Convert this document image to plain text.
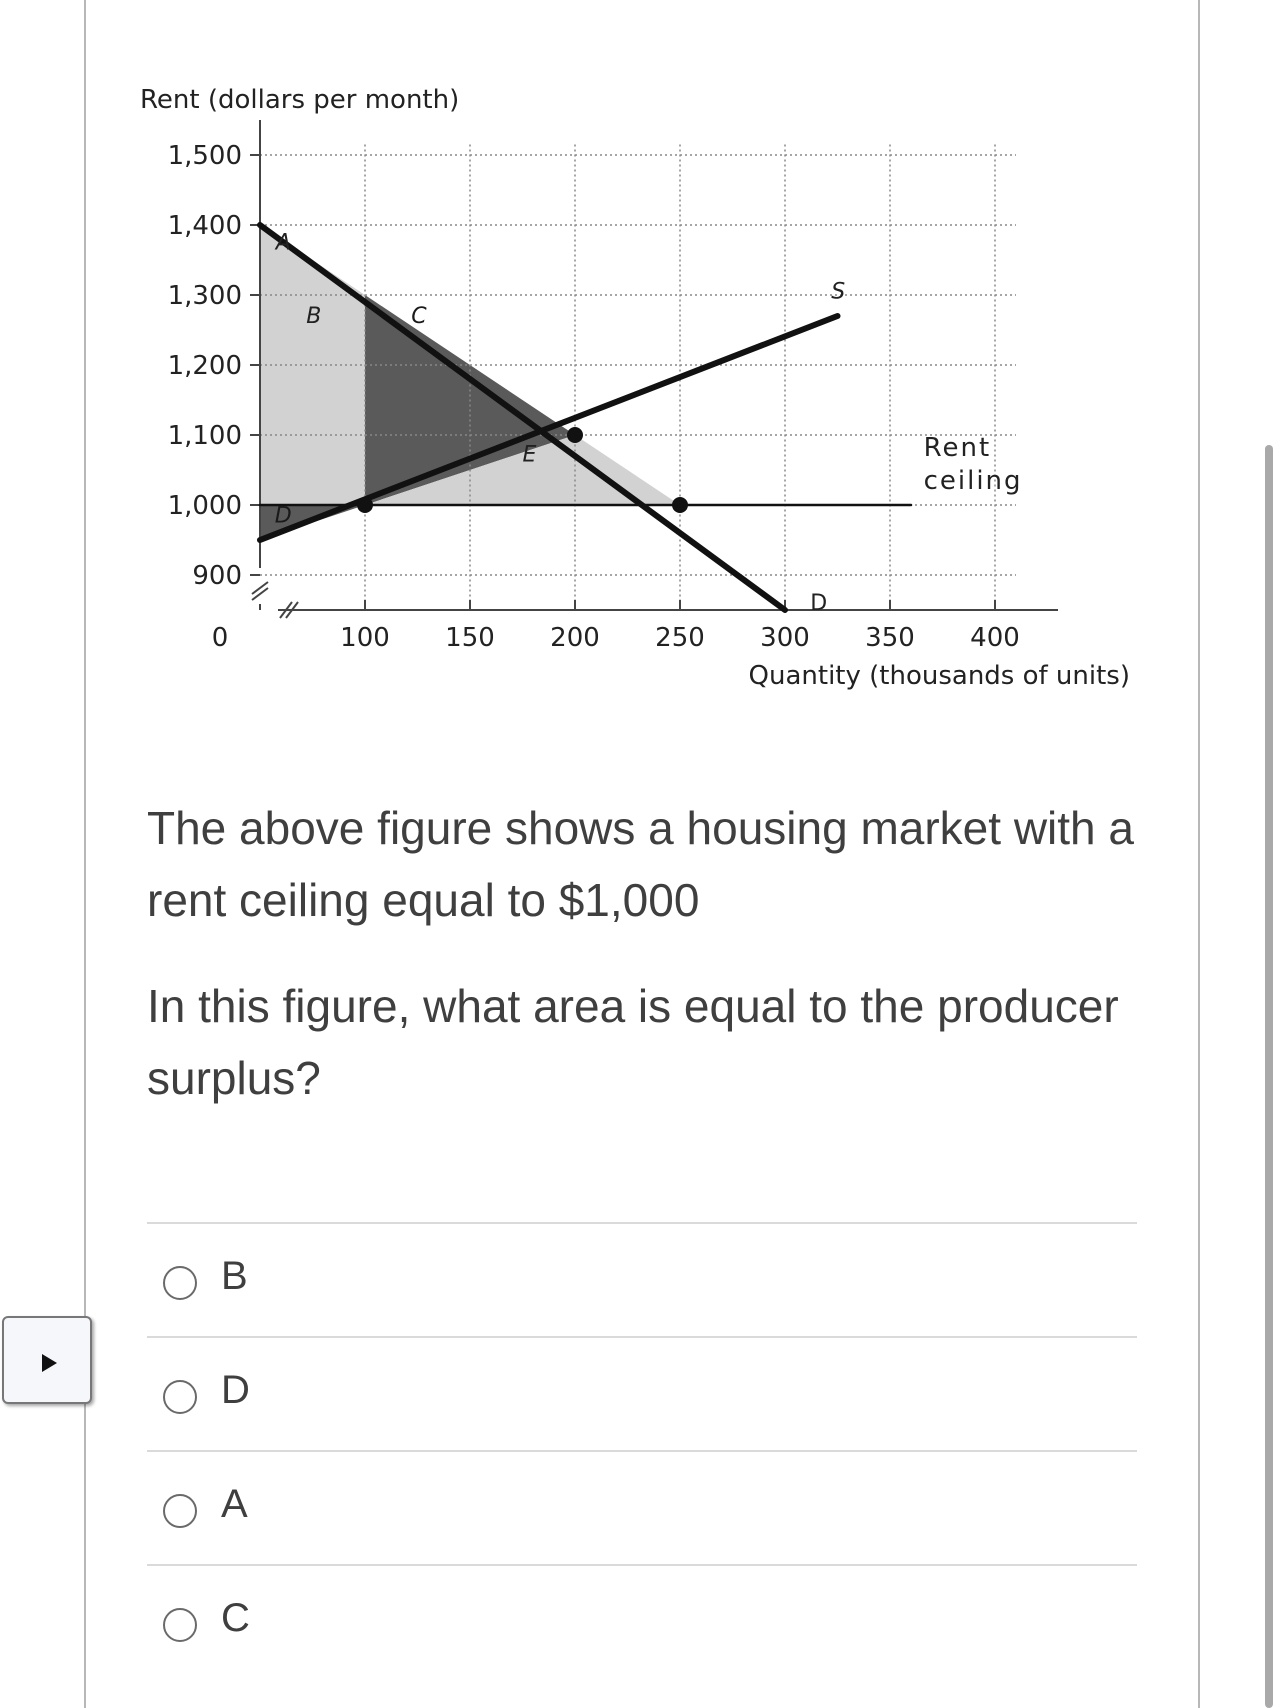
1,500
1,400
1,300
1,200
1,100
1,000
900
100 150 200 250 300 350 400
0
Rent (dollars per month)
Quantity (thousands of units)
A
B	C
E
D
S
D
Rent
ceiling

The above figure shows a housing market with a rent ceiling equal to $1,000

In this figure, what area is equal to the producer surplus?

B
D
A
C
